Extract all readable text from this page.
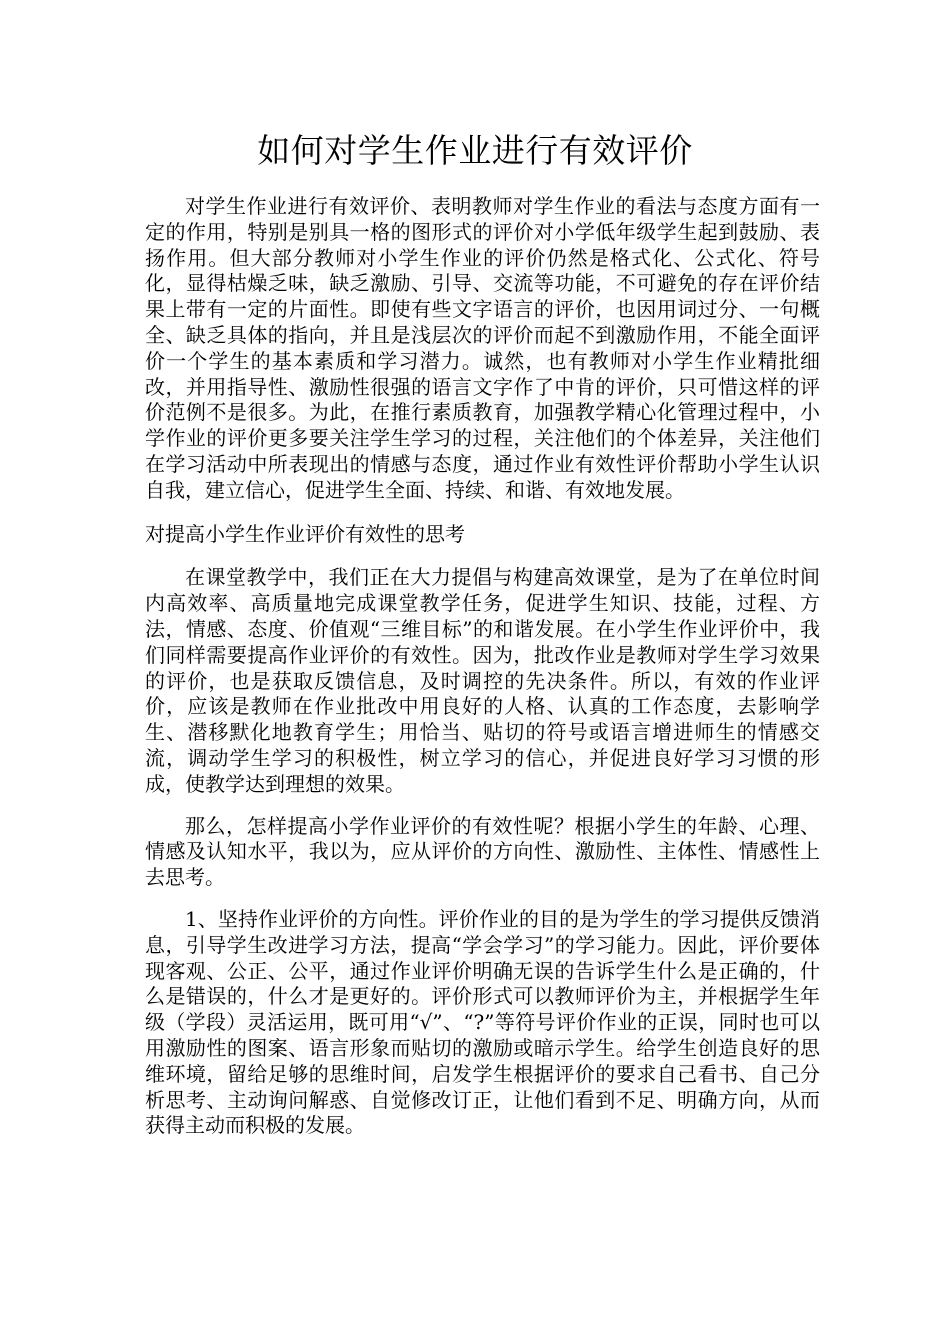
如何对学生作业进行有效评价

对学生作业进行有效评价、表明教师对学生作业的看法与态度方面有一定的作用，特别是别具一格的图形式的评价对小学低年级学生起到鼓励、表扬作用。但大部分教师对小学生作业的评价仍然是格式化、公式化、符号化，显得枯燥乏味，缺乏激励、引导、交流等功能，不可避免的存在评价结果上带有一定的片面性。即使有些文字语言的评价，也因用词过分、一句概全、缺乏具体的指向，并且是浅层次的评价而起不到激励作用，不能全面评价一个学生的基本素质和学习潜力。诚然，也有教师对小学生作业精批细改，并用指导性、激励性很强的语言文字作了中肯的评价，只可惜这样的评价范例不是很多。为此，在推行素质教育，加强教学精心化管理过程中，小学作业的评价更多要关注学生学习的过程，关注他们的个体差异，关注他们在学习活动中所表现出的情感与态度，通过作业有效性评价帮助小学生认识自我，建立信心，促进学生全面、持续、和谐、有效地发展。

对提高小学生作业评价有效性的思考

在课堂教学中，我们正在大力提倡与构建高效课堂，是为了在单位时间内高效率、高质量地完成课堂教学任务，促进学生知识、技能，过程、方法，情感、态度、价值观“三维目标”的和谐发展。在小学生作业评价中，我们同样需要提高作业评价的有效性。因为，批改作业是教师对学生学习效果的评价，也是获取反馈信息，及时调控的先决条件。所以，有效的作业评价，应该是教师在作业批改中用良好的人格、认真的工作态度，去影响学生、潜移默化地教育学生；用恰当、贴切的符号或语言增进师生的情感交流，调动学生学习的积极性，树立学习的信心，并促进良好学习习惯的形成，使教学达到理想的效果。

那么，怎样提高小学作业评价的有效性呢？根据小学生的年龄、心理、情感及认知水平，我以为，应从评价的方向性、激励性、主体性、情感性上去思考。

1、坚持作业评价的方向性。评价作业的目的是为学生的学习提供反馈消息，引导学生改进学习方法，提高“学会学习”的学习能力。因此，评价要体现客观、公正、公平，通过作业评价明确无误的告诉学生什么是正确的，什么是错误的，什么才是更好的。评价形式可以教师评价为主，并根据学生年级（学段）灵活运用，既可用“√”、“?”等符号评价作业的正误，同时也可以用激励性的图案、语言形象而贴切的激励或暗示学生。给学生创造良好的思维环境，留给足够的思维时间，启发学生根据评价的要求自己看书、自己分析思考、主动询问解惑、自觉修改订正，让他们看到不足、明确方向，从而获得主动而积极的发展。
